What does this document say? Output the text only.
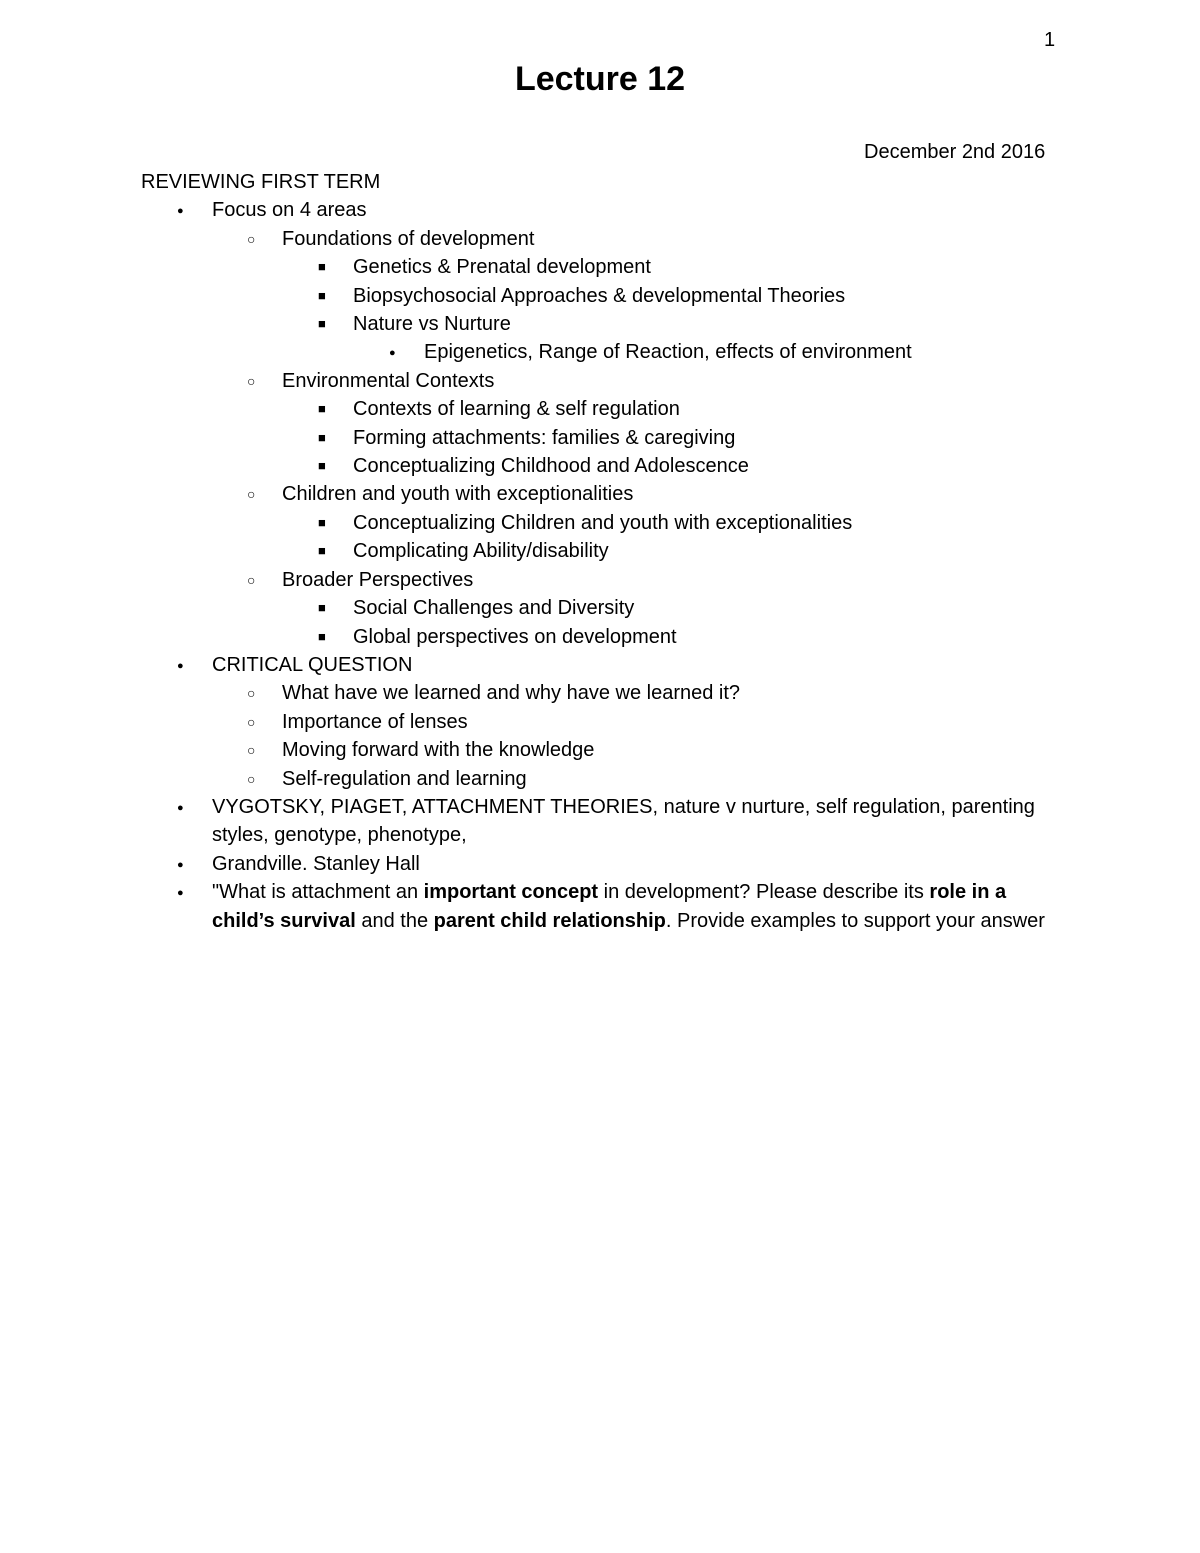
1
Lecture 12
December 2nd 2016
REVIEWING FIRST TERM
●
Focus on 4 areas
○
Foundations of development
■
Genetics & Prenatal development
■
Biopsychosocial Approaches & developmental Theories
■
Nature vs Nurture
●
Epigenetics, Range of Reaction, effects of environment
○
Environmental Contexts
■
Contexts of learning & self regulation
■
Forming attachments: families & caregiving
■
Conceptualizing Childhood and Adolescence
○
Children and youth with exceptionalities
■
Conceptualizing Children and youth with exceptionalities
■
Complicating Ability/disability
○
Broader Perspectives
■
Social Challenges and Diversity
■
Global perspectives on development
●
CRITICAL QUESTION
○
What have we learned and why have we learned it?
○
Importance of lenses
○
Moving forward with the knowledge
○
Self-regulation and learning
●
VYGOTSKY, PIAGET, ATTACHMENT THEORIES, nature v nurture, self regulation, parenting styles, genotype, phenotype,
●
Grandville. Stanley Hall
●
"What is attachment an important concept in development? Please describe its role in a child’s survival and the parent child relationship. Provide examples to support your answer
